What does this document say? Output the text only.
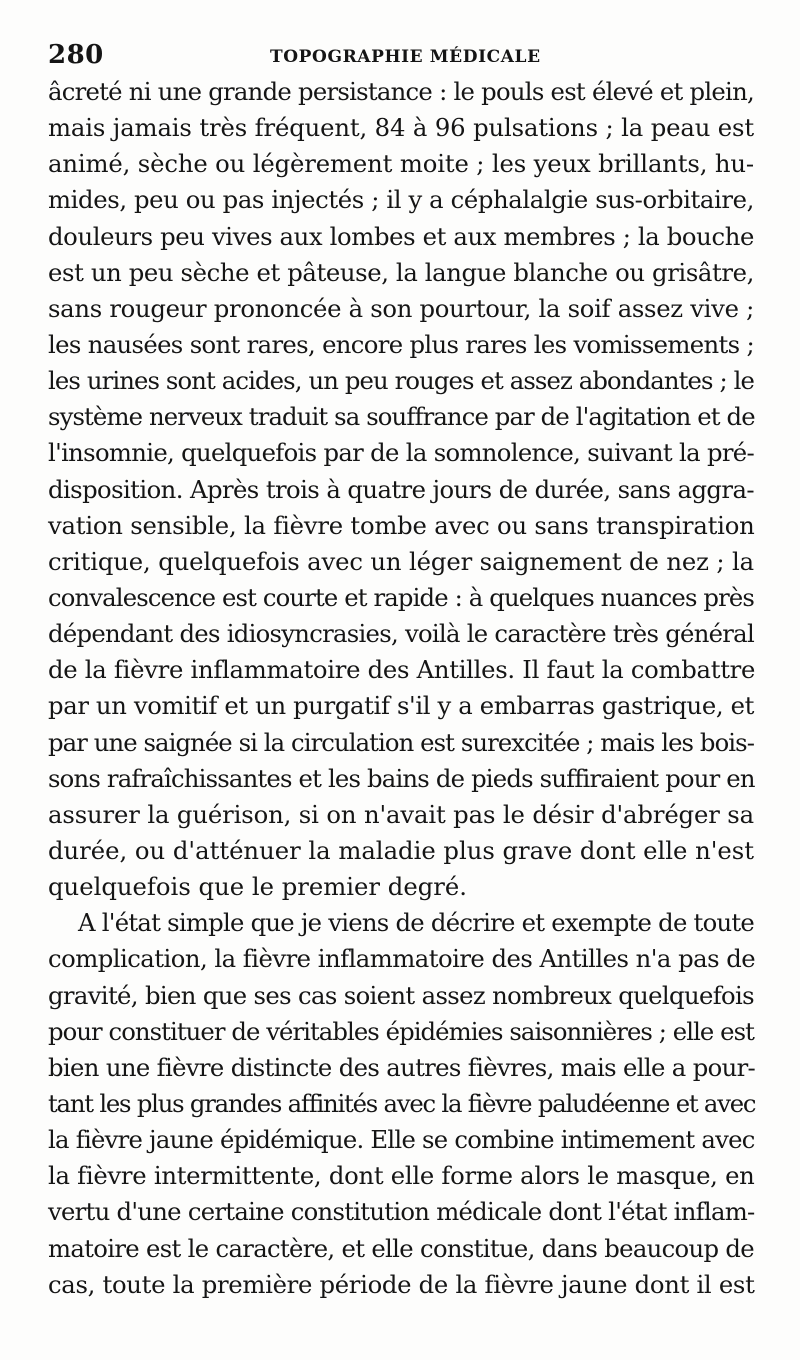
280	TOPOGRAPHIE MÉDICALE
âcreté ni une grande persistance : le pouls est élevé et plein,
mais jamais très fréquent, 84 à 96 pulsations ; la peau est
animé, sèche ou légèrement moite ; les yeux brillants, hu-
mides, peu ou pas injectés ; il y a céphalalgie sus-orbitaire,
douleurs peu vives aux lombes et aux membres ; la bouche
est un peu sèche et pâteuse, la langue blanche ou grisâtre,
sans rougeur prononcée à son pourtour, la soif assez vive ;
les nausées sont rares, encore plus rares les vomissements ;
les urines sont acides, un peu rouges et assez abondantes ; le
système nerveux traduit sa souffrance par de l'agitation et de
l'insomnie, quelquefois par de la somnolence, suivant la pré-
disposition. Après trois à quatre jours de durée, sans aggra-
vation sensible, la fièvre tombe avec ou sans transpiration
critique, quelquefois avec un léger saignement de nez ; la
convalescence est courte et rapide : à quelques nuances près
dépendant des idiosyncrasies, voilà le caractère très général
de la fièvre inflammatoire des Antilles. Il faut la combattre
par un vomitif et un purgatif s'il y a embarras gastrique, et
par une saignée si la circulation est surexcitée ; mais les bois-
sons rafraîchissantes et les bains de pieds suffiraient pour en
assurer la guérison, si on n'avait pas le désir d'abréger sa
durée, ou d'atténuer la maladie plus grave dont elle n'est
quelquefois que le premier degré.
A l'état simple que je viens de décrire et exempte de toute
complication, la fièvre inflammatoire des Antilles n'a pas de
gravité, bien que ses cas soient assez nombreux quelquefois
pour constituer de véritables épidémies saisonnières ; elle est
bien une fièvre distincte des autres fièvres, mais elle a pour-
tant les plus grandes affinités avec la fièvre paludéenne et avec
la fièvre jaune épidémique. Elle se combine intimement avec
la fièvre intermittente, dont elle forme alors le masque, en
vertu d'une certaine constitution médicale dont l'état inflam-
matoire est le caractère, et elle constitue, dans beaucoup de
cas, toute la première période de la fièvre jaune dont il est
